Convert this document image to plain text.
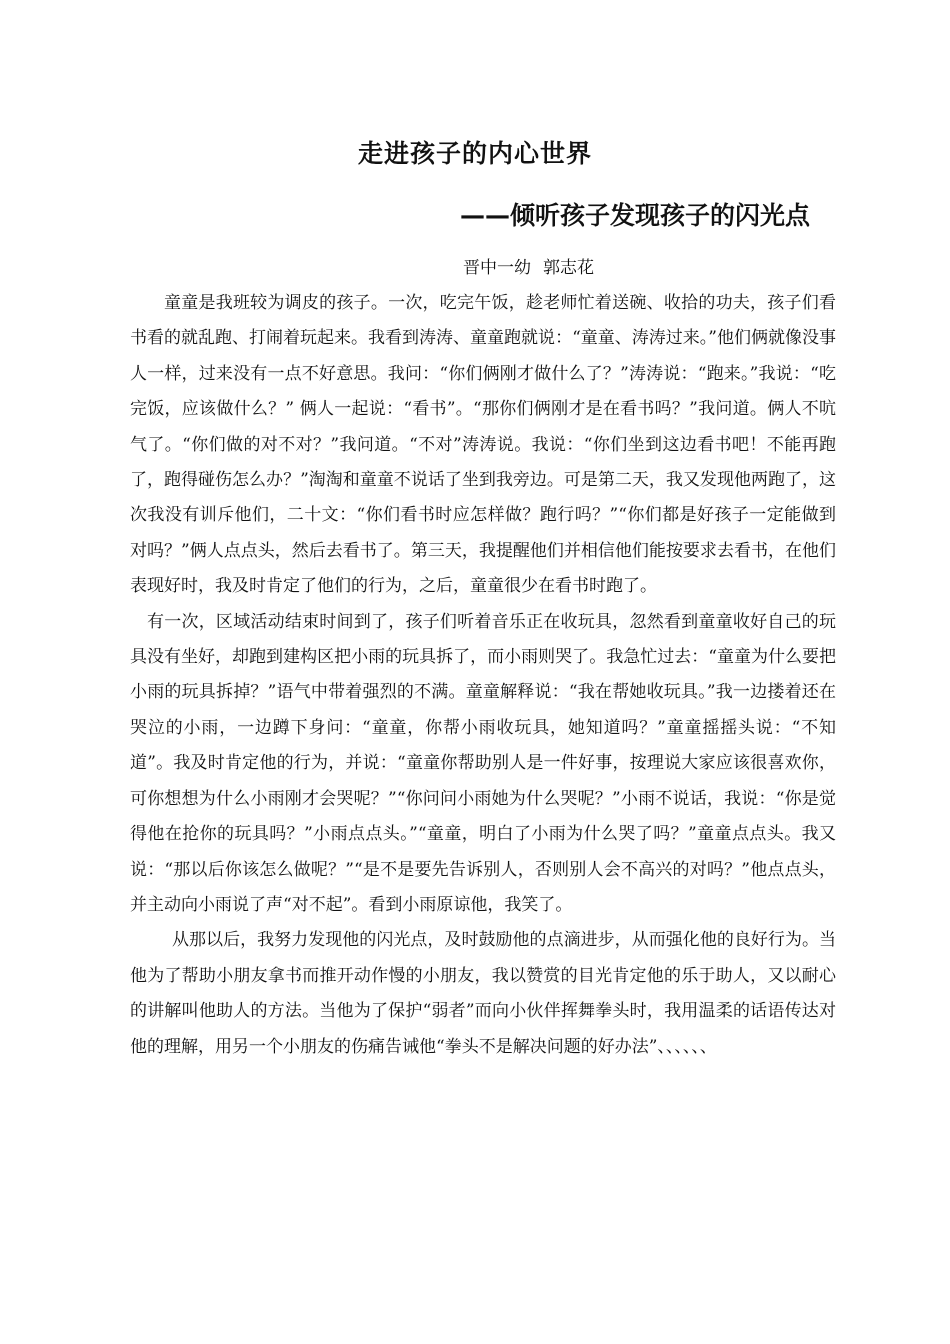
走进孩子的内心世界
——倾听孩子发现孩子的闪光点

晋中一幼 郭志花

童童是我班较为调皮的孩子。一次，吃完午饭，趁老师忙着送碗、收拾的功夫，孩子们看书看的就乱跑、打闹着玩起来。我看到涛涛、童童跑就说：“童童、涛涛过来。”他们俩就像没事人一样，过来没有一点不好意思。我问：“你们俩刚才做什么了？”涛涛说：“跑来。”我说：“吃完饭，应该做什么？” 俩人一起说：“看书”。“那你们俩刚才是在看书吗？”我问道。俩人不吭气了。“你们做的对不对？”我问道。“不对”涛涛说。我说：“你们坐到这边看书吧！不能再跑了，跑得碰伤怎么办？”淘淘和童童不说话了坐到我旁边。可是第二天，我又发现他两跑了，这次我没有训斥他们，二十文：“你们看书时应怎样做？跑行吗？”“你们都是好孩子一定能做到对吗？”俩人点点头，然后去看书了。第三天，我提醒他们并相信他们能按要求去看书，在他们表现好时，我及时肯定了他们的行为，之后，童童很少在看书时跑了。

有一次，区域活动结束时间到了，孩子们听着音乐正在收玩具，忽然看到童童收好自己的玩具没有坐好，却跑到建构区把小雨的玩具拆了，而小雨则哭了。我急忙过去：“童童为什么要把小雨的玩具拆掉？”语气中带着强烈的不满。童童解释说：“我在帮她收玩具。”我一边搂着还在哭泣的小雨，一边蹲下身问：“童童，你帮小雨收玩具，她知道吗？”童童摇摇头说：“不知道”。我及时肯定他的行为，并说：“童童你帮助别人是一件好事，按理说大家应该很喜欢你，可你想想为什么小雨刚才会哭呢？”“你问问小雨她为什么哭呢？”小雨不说话，我说：“你是觉得他在抢你的玩具吗？”小雨点点头。”“童童，明白了小雨为什么哭了吗？”童童点点头。我又说：“那以后你该怎么做呢？”“是不是要先告诉别人，否则别人会不高兴的对吗？”他点点头，并主动向小雨说了声“对不起”。看到小雨原谅他，我笑了。

从那以后，我努力发现他的闪光点，及时鼓励他的点滴进步，从而强化他的良好行为。当他为了帮助小朋友拿书而推开动作慢的小朋友，我以赞赏的目光肯定他的乐于助人，又以耐心的讲解叫他助人的方法。当他为了保护“弱者”而向小伙伴挥舞拳头时，我用温柔的话语传达对他的理解，用另一个小朋友的伤痛告诫他“拳头不是解决问题的好办法”、、、、、、
